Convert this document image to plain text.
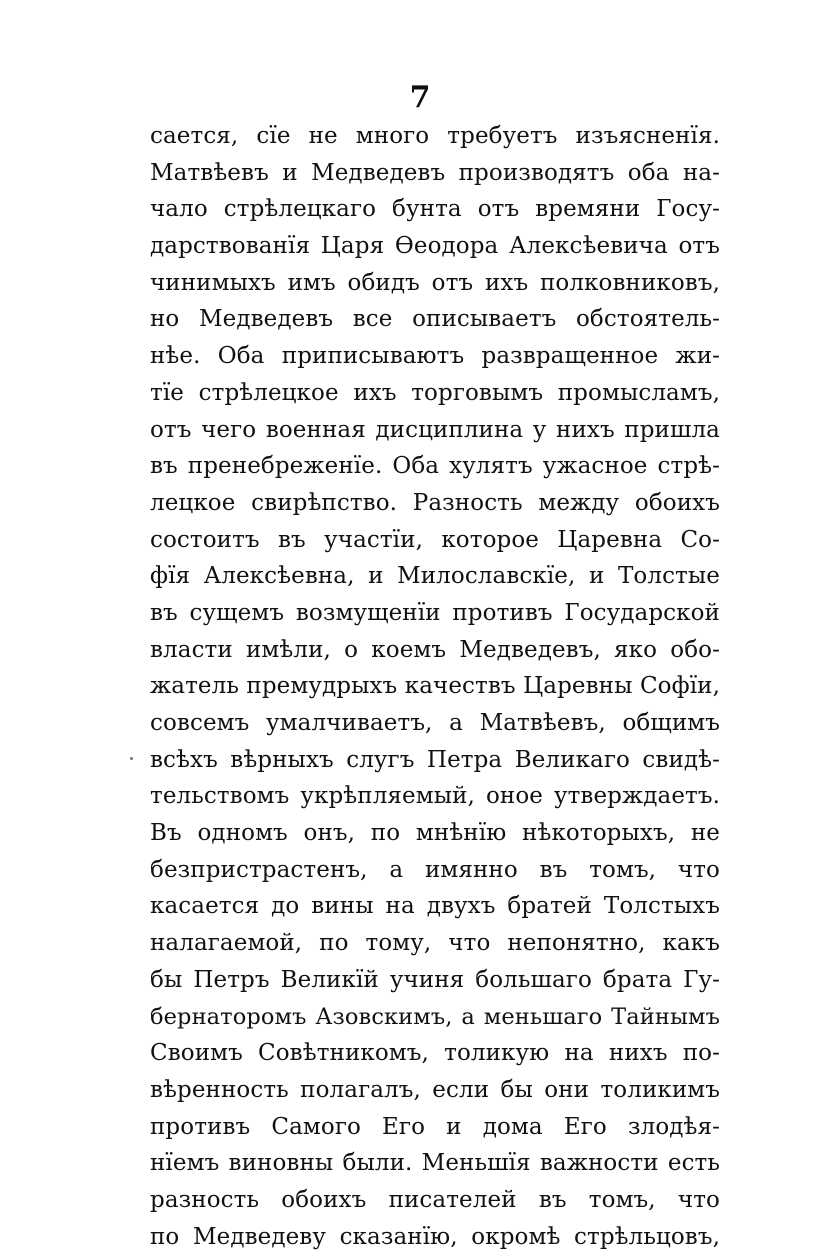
7
сается, сїе не много требуетъ изъясненїя.
Матвѣевъ и Медведевъ производятъ оба на-
чало стрѣлецкаго бунта отъ времяни Госу-
дарствованїя Царя Ѳеодора Алексѣевича отъ
чинимыхъ имъ обидъ отъ ихъ полковниковъ,
но Медведевъ все описываетъ обстоятель-
нѣе. Оба приписываютъ развращенное жи-
тїе стрѣлецкое ихъ торговымъ промысламъ,
отъ чего военная дисциплина у нихъ пришла
въ пренебреженїе. Оба хулятъ ужасное стрѣ-
лецкое свирѣпство. Разность между обоихъ
состоитъ въ участїи, которое Царевна Со-
фїя Алексѣевна, и Милославскїе, и Толстые
въ сущемъ возмущенїи противъ Государской
власти имѣли, о коемъ Медведевъ, яко обо-
жатель премудрыхъ качествъ Царевны Софїи,
совсемъ умалчиваетъ, а Матвѣевъ, общимъ
всѣхъ вѣрныхъ слугъ Петра Великаго свидѣ-
тельствомъ укрѣпляемый, оное утверждаетъ.
Въ одномъ онъ, по мнѣнїю нѣкоторыхъ, не
безпристрастенъ, а имянно въ томъ, что
касается до вины на двухъ братей Толстыхъ
налагаемой, по тому, что непонятно, какъ
бы Петръ Великїй учиня большаго брата Гу-
бернаторомъ Азовскимъ, а меньшаго Тайнымъ
Своимъ Совѣтникомъ, толикую на нихъ по-
вѣренность полагалъ, если бы они толикимъ
противъ Самого Его и дома Его злодѣя-
нїемъ виновны были. Меньшїя важности есть
разность обоихъ писателей въ томъ, что
по Медведеву сказанїю, окромѣ стрѣльцовъ,
